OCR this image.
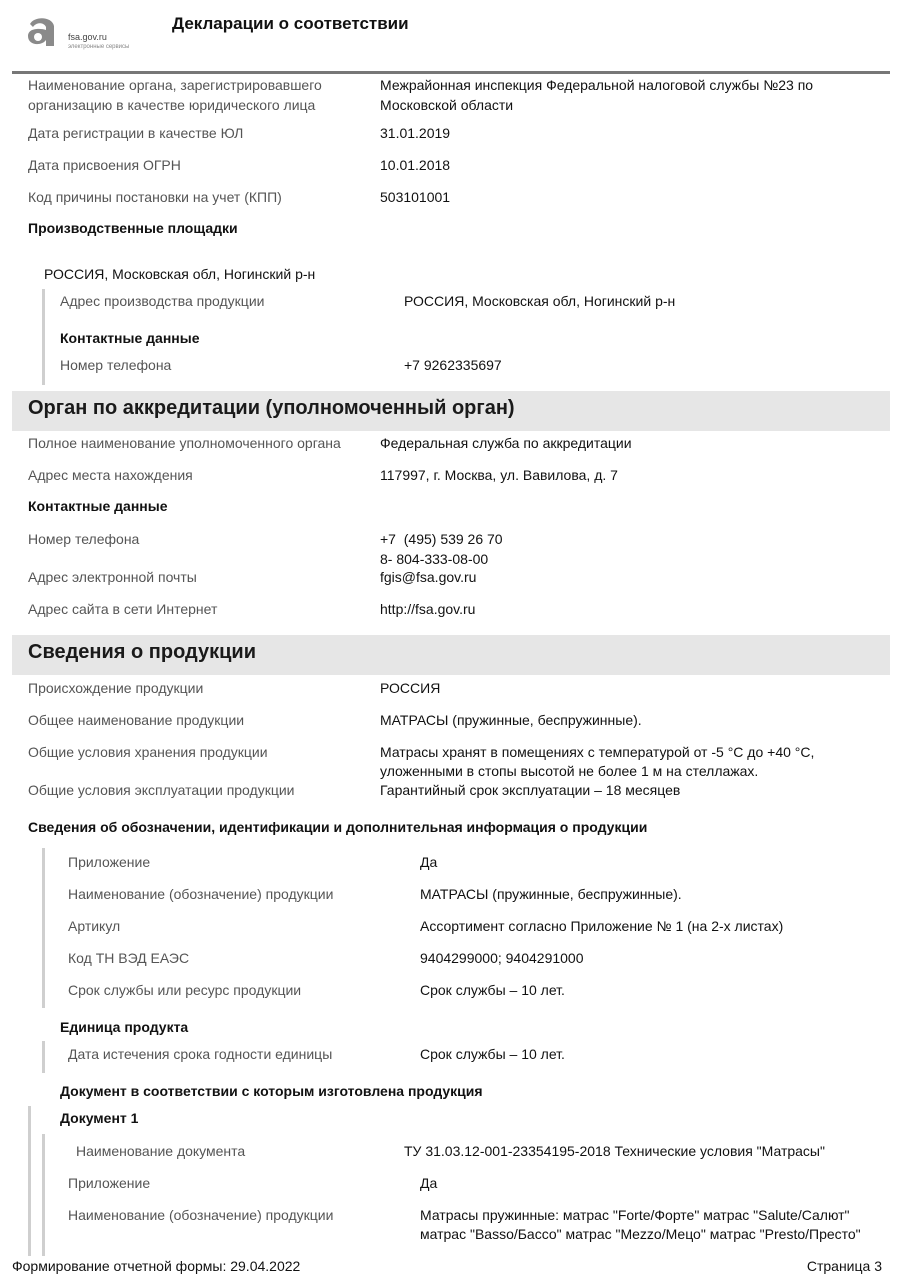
fsa.gov.ru
электронные сервисы
Декларации о соответствии
Наименование органа, зарегистрировавшего организацию в качестве юридического лица
Межрайонная инспекция Федеральной налоговой службы №23 по Московской области
Дата регистрации в качестве ЮЛ	31.01.2019
Дата присвоения ОГРН	10.01.2018
Код причины постановки на учет (КПП)	503101001
Производственные площадки
РОССИЯ, Московская обл, Ногинский р-н
Адрес производства продукции	РОССИЯ, Московская обл, Ногинский р-н
Контактные данные
Номер телефона	+7 9262335697
Орган по аккредитации (уполномоченный орган)
Полное наименование уполномоченного органа	Федеральная служба по аккредитации
Адрес места нахождения	117997, г. Москва, ул. Вавилова, д. 7
Контактные данные
Номер телефона	+7  (495) 539 26 70
8- 804-333-08-00
Адрес электронной почты	fgis@fsa.gov.ru
Адрес сайта в сети Интернет	http://fsa.gov.ru
Сведения о продукции
Происхождение продукции	РОССИЯ
Общее наименование продукции	МАТРАСЫ (пружинные, беспружинные).
Общие условия хранения продукции	Матрасы хранят в помещениях с температурой от -5 °С до +40 °С,
уложенными в стопы высотой не более 1 м на стеллажах.
Общие условия эксплуатации продукции	Гарантийный срок эксплуатации – 18 месяцев
Сведения об обозначении, идентификации и дополнительная информация о продукции
Приложение	Да
Наименование (обозначение) продукции	МАТРАСЫ (пружинные, беспружинные).
Артикул	Ассортимент согласно Приложение № 1 (на 2-х листах)
Код ТН ВЭД ЕАЭС	9404299000; 9404291000
Срок службы или ресурс продукции	Срок службы – 10 лет.
Единица продукта
Дата истечения срока годности единицы	Срок службы – 10 лет.
Документ в соответствии с которым изготовлена продукция
Документ 1
Наименование документа	ТУ 31.03.12-001-23354195-2018 Технические условия "Матрасы"
Приложение	Да
Наименование (обозначение) продукции	Матрасы пружинные: матрас "Forte/Форте" матрас "Salute/Салют"
матрас "Basso/Бассо" матрас "Mezzo/Мецо" матрас "Presto/Престо"
Формирование отчетной формы: 29.04.2022	Страница 3
